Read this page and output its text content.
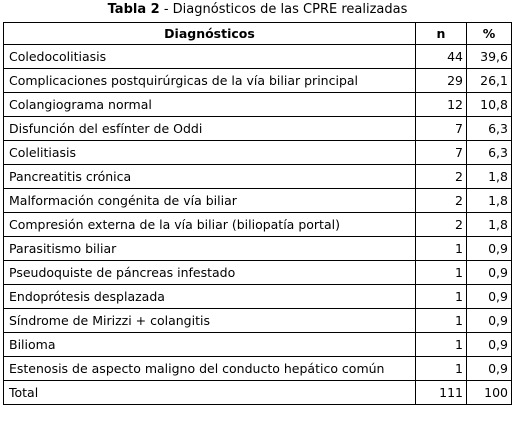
Tabla 2 - Diagnósticos de las CPRE realizadas
Diagnósticos	n	%
Coledocolitiasis	44	39,6
Complicaciones postquirúrgicas de la vía biliar principal	29	26,1
Colangiograma normal	12	10,8
Disfunción del esfínter de Oddi	7	6,3
Colelitiasis	7	6,3
Pancreatitis crónica	2	1,8
Malformación congénita de vía biliar	2	1,8
Compresión externa de la vía biliar (biliopatía portal)	2	1,8
Parasitismo biliar	1	0,9
Pseudoquiste de páncreas infestado	1	0,9
Endoprótesis desplazada	1	0,9
Síndrome de Mirizzi + colangitis	1	0,9
Bilioma	1	0,9
Estenosis de aspecto maligno del conducto hepático común	1	0,9
Total	111	100
